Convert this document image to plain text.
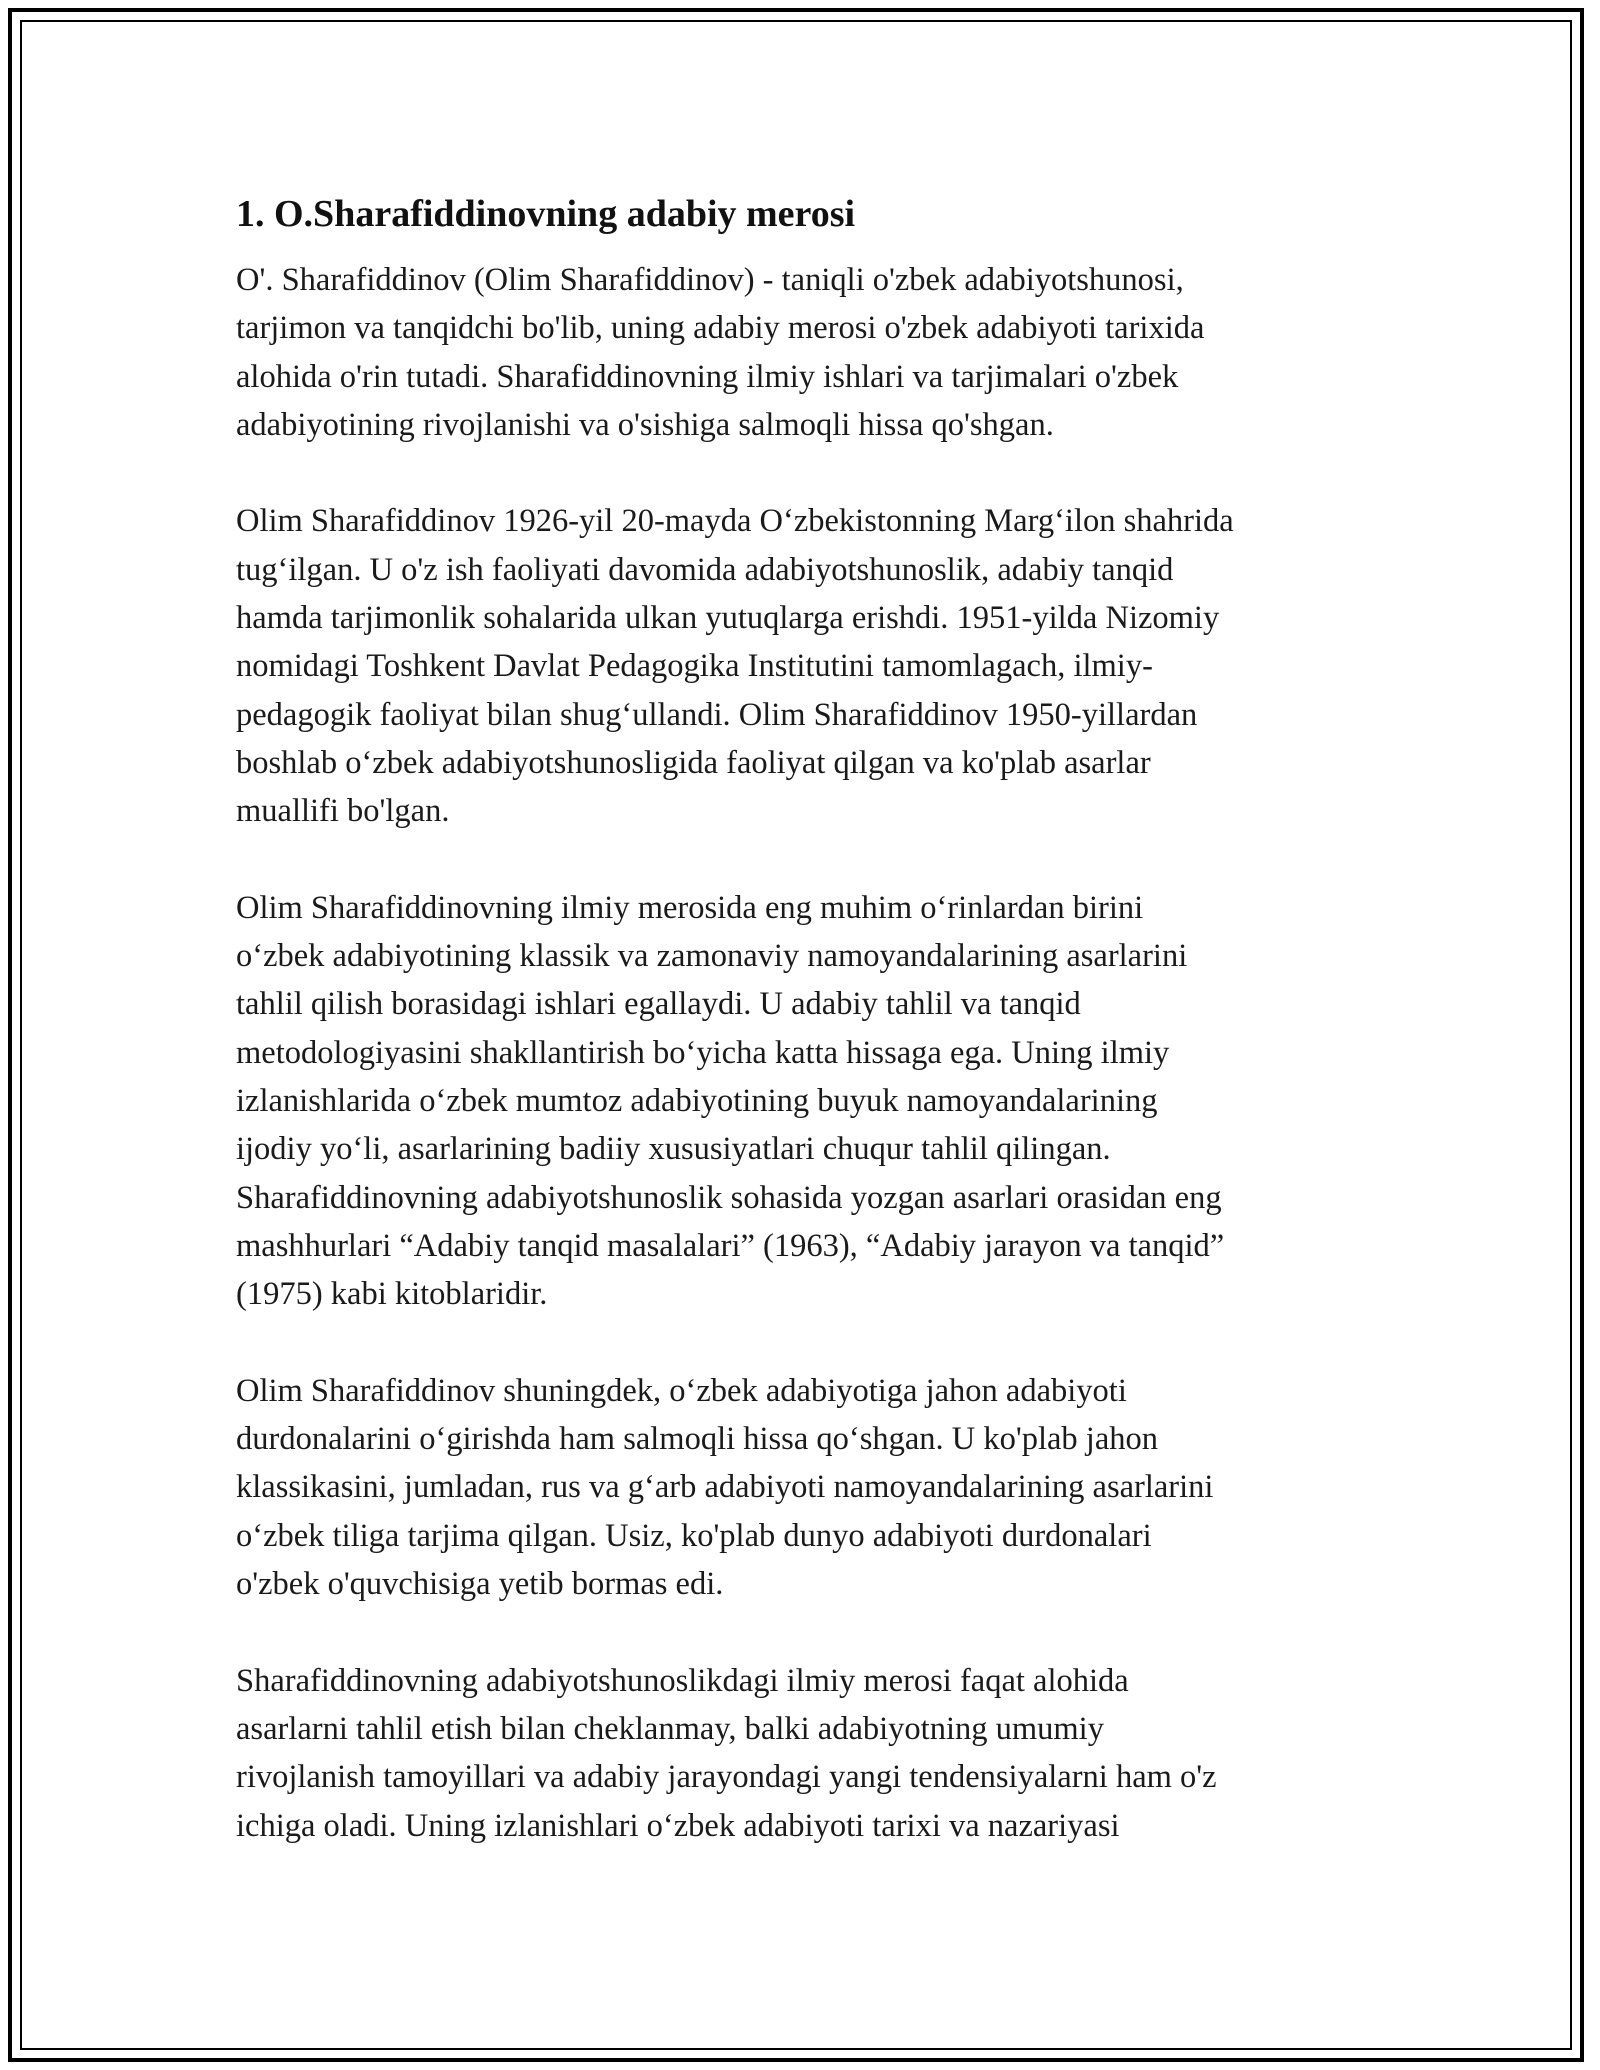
1. O.Sharafiddinovning adabiy merosi

O'. Sharafiddinov (Olim Sharafiddinov) - taniqli o'zbek adabiyotshunosi,
tarjimon va tanqidchi bo'lib, uning adabiy merosi o'zbek adabiyoti tarixida
alohida o'rin tutadi. Sharafiddinovning ilmiy ishlari va tarjimalari o'zbek
adabiyotining rivojlanishi va o'sishiga salmoqli hissa qo'shgan.

Olim Sharafiddinov 1926-yil 20-mayda O‘zbekistonning Marg‘ilon shahrida
tug‘ilgan. U o'z ish faoliyati davomida adabiyotshunoslik, adabiy tanqid
hamda tarjimonlik sohalarida ulkan yutuqlarga erishdi. 1951-yilda Nizomiy
nomidagi Toshkent Davlat Pedagogika Institutini tamomlagach, ilmiy-
pedagogik faoliyat bilan shug‘ullandi. Olim Sharafiddinov 1950-yillardan
boshlab o‘zbek adabiyotshunosligida faoliyat qilgan va ko'plab asarlar
muallifi bo'lgan.

Olim Sharafiddinovning ilmiy merosida eng muhim o‘rinlardan birini
o‘zbek adabiyotining klassik va zamonaviy namoyandalarining asarlarini
tahlil qilish borasidagi ishlari egallaydi. U adabiy tahlil va tanqid
metodologiyasini shakllantirish bo‘yicha katta hissaga ega. Uning ilmiy
izlanishlarida o‘zbek mumtoz adabiyotining buyuk namoyandalarining
ijodiy yo‘li, asarlarining badiiy xususiyatlari chuqur tahlil qilingan.
Sharafiddinovning adabiyotshunoslik sohasida yozgan asarlari orasidan eng
mashhurlari “Adabiy tanqid masalalari” (1963), “Adabiy jarayon va tanqid”
(1975) kabi kitoblaridir.

Olim Sharafiddinov shuningdek, o‘zbek adabiyotiga jahon adabiyoti
durdonalarini o‘girishda ham salmoqli hissa qo‘shgan. U ko'plab jahon
klassikasini, jumladan, rus va g‘arb adabiyoti namoyandalarining asarlarini
o‘zbek tiliga tarjima qilgan. Usiz, ko'plab dunyo adabiyoti durdonalari
o'zbek o'quvchisiga yetib bormas edi.

Sharafiddinovning adabiyotshunoslikdagi ilmiy merosi faqat alohida
asarlarni tahlil etish bilan cheklanmay, balki adabiyotning umumiy
rivojlanish tamoyillari va adabiy jarayondagi yangi tendensiyalarni ham o'z
ichiga oladi. Uning izlanishlari o‘zbek adabiyoti tarixi va nazariyasi
